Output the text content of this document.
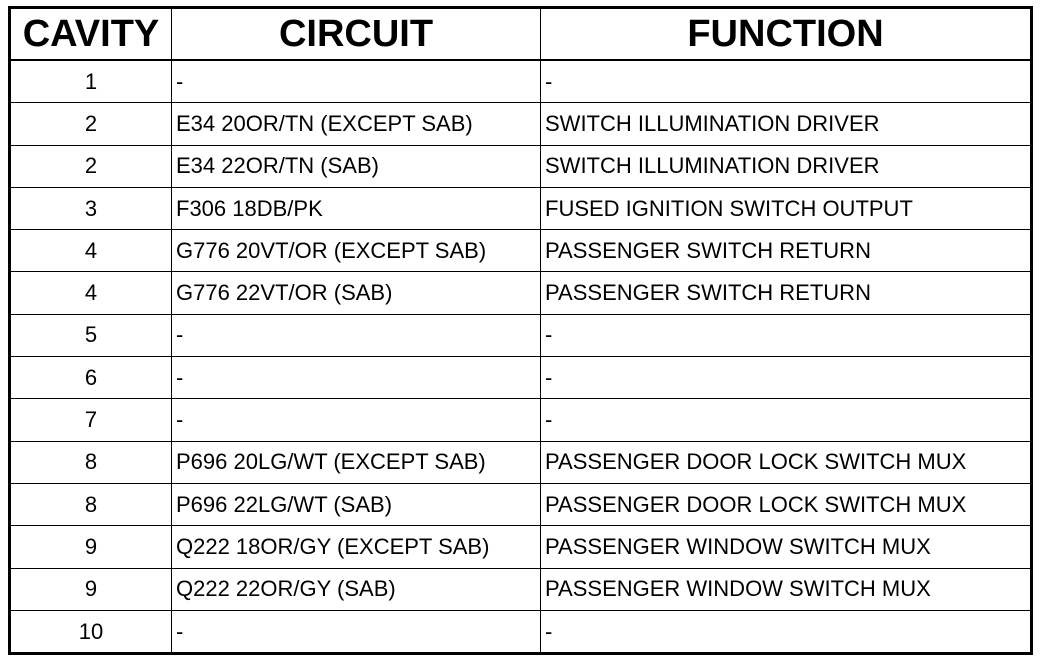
CAVITY	CIRCUIT	FUNCTION
1	-	-
2	E34 20OR/TN (EXCEPT SAB)	SWITCH ILLUMINATION DRIVER
2	E34 22OR/TN (SAB)	SWITCH ILLUMINATION DRIVER
3	F306 18DB/PK	FUSED IGNITION SWITCH OUTPUT
4	G776 20VT/OR (EXCEPT SAB)	PASSENGER SWITCH RETURN
4	G776 22VT/OR (SAB)	PASSENGER SWITCH RETURN
5	-	-
6	-	-
7	-	-
8	P696 20LG/WT (EXCEPT SAB)	PASSENGER DOOR LOCK SWITCH MUX
8	P696 22LG/WT (SAB)	PASSENGER DOOR LOCK SWITCH MUX
9	Q222 18OR/GY (EXCEPT SAB)	PASSENGER WINDOW SWITCH MUX
9	Q222 22OR/GY (SAB)	PASSENGER WINDOW SWITCH MUX
10	-	-
